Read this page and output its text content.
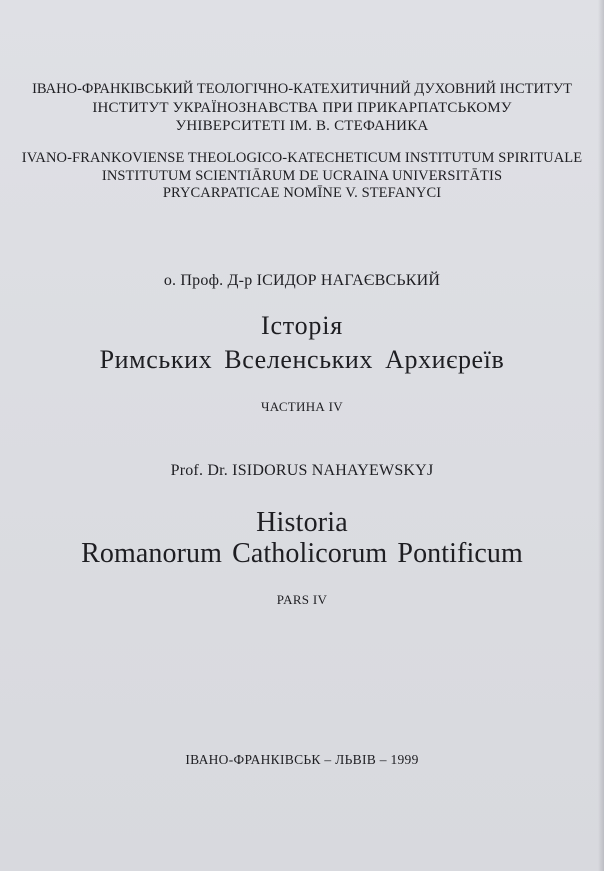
ІВАНО-ФРАНКІВСЬКИЙ ТЕОЛОГІЧНО-КАТЕХИТИЧНИЙ ДУХОВНИЙ ІНСТИТУТ
ІНСТИТУТ УКРАЇНОЗНАВСТВА ПРИ ПРИКАРПАТСЬКОМУ
УНІВЕРСИТЕТІ ІМ. В. СТЕФАНИКА
IVANO-FRANKOVIENSE THEOLOGICO-KATECHETICUM INSTITUTUM SPIRITUALE
INSTITUTUM SCIENTIĀRUM DE UCRAINA UNIVERSITĀTIS
PRYCARPATICAE NOMĪNE V. STEFANYCI
о. Проф. Д-р ІСИДОР НАГАЄВСЬКИЙ
Історія
Римських Вселенських Архиєреїв
ЧАСТИНА IV
Prof. Dr. ISIDORUS NAHAYEWSKYJ
Historia
Romanorum Catholicorum Pontificum
PARS IV
ІВАНО-ФРАНКІВСЬК – ЛЬВІВ – 1999
